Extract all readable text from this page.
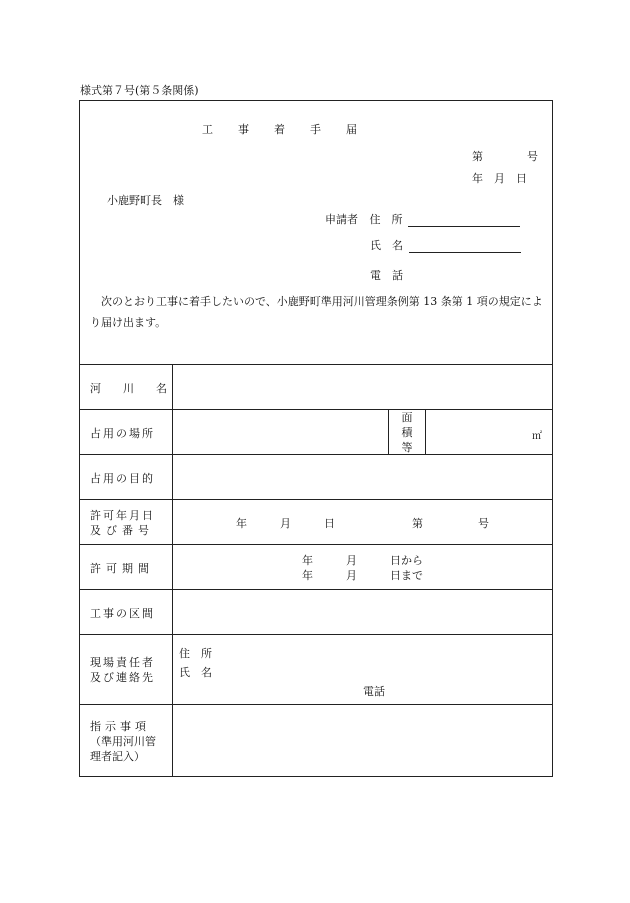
様式第７号(第５条関係)
工　　事　　着　　手　　届
第　　　　号
年　月　日
小鹿野町長　様
申請者 住　所
氏　名
電　話
次のとおり工事に着手したいので、小鹿野町準用河川管理条例第 13 条第 1 項の規定により届け出ます。
河　　川　　名
占用の場所
面
積
等
㎡
占用の目的
許可年月日
及び番号
年　　　月　　　日　　　　　　　第　　　　　号
許可期間
年　　　月　　　日から
年　　　月　　　日まで
工事の区間
現場責任者
及び連絡先
住　所
氏　名
電話
指示事項
（準用河川管
理者記入）
